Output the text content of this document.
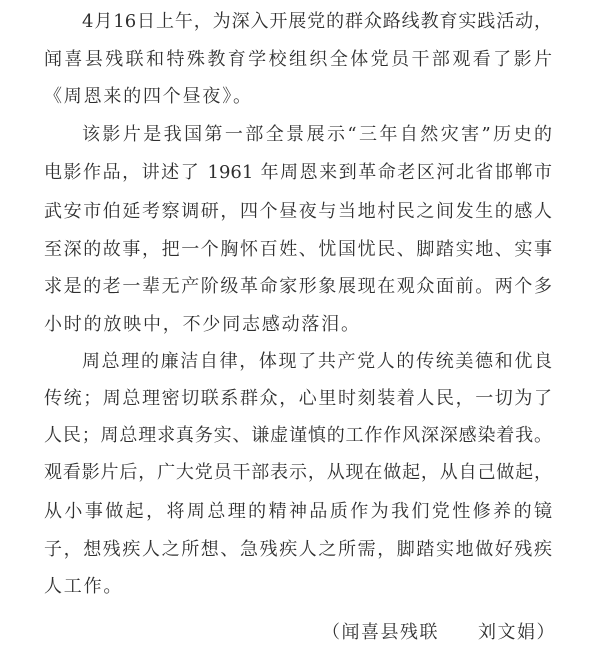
4月16日上午，为深入开展党的群众路线教育实践活动，
闻喜县残联和特殊教育学校组织全体党员干部观看了影片
《周恩来的四个昼夜》。
该影片是我国第一部全景展示“三年自然灾害”历史的
电影作品，讲述了 1961 年周恩来到革命老区河北省邯郸市
武安市伯延考察调研，四个昼夜与当地村民之间发生的感人
至深的故事，把一个胸怀百姓、忧国忧民、脚踏实地、实事
求是的老一辈无产阶级革命家形象展现在观众面前。两个多
小时的放映中，不少同志感动落泪。
周总理的廉洁自律，体现了共产党人的传统美德和优良
传统；周总理密切联系群众，心里时刻装着人民，一切为了
人民；周总理求真务实、谦虚谨慎的工作作风深深感染着我。
观看影片后，广大党员干部表示，从现在做起，从自己做起，
从小事做起，将周总理的精神品质作为我们党性修养的镜
子，想残疾人之所想、急残疾人之所需，脚踏实地做好残疾
人工作。
（闻喜县残联　　刘文娟）
